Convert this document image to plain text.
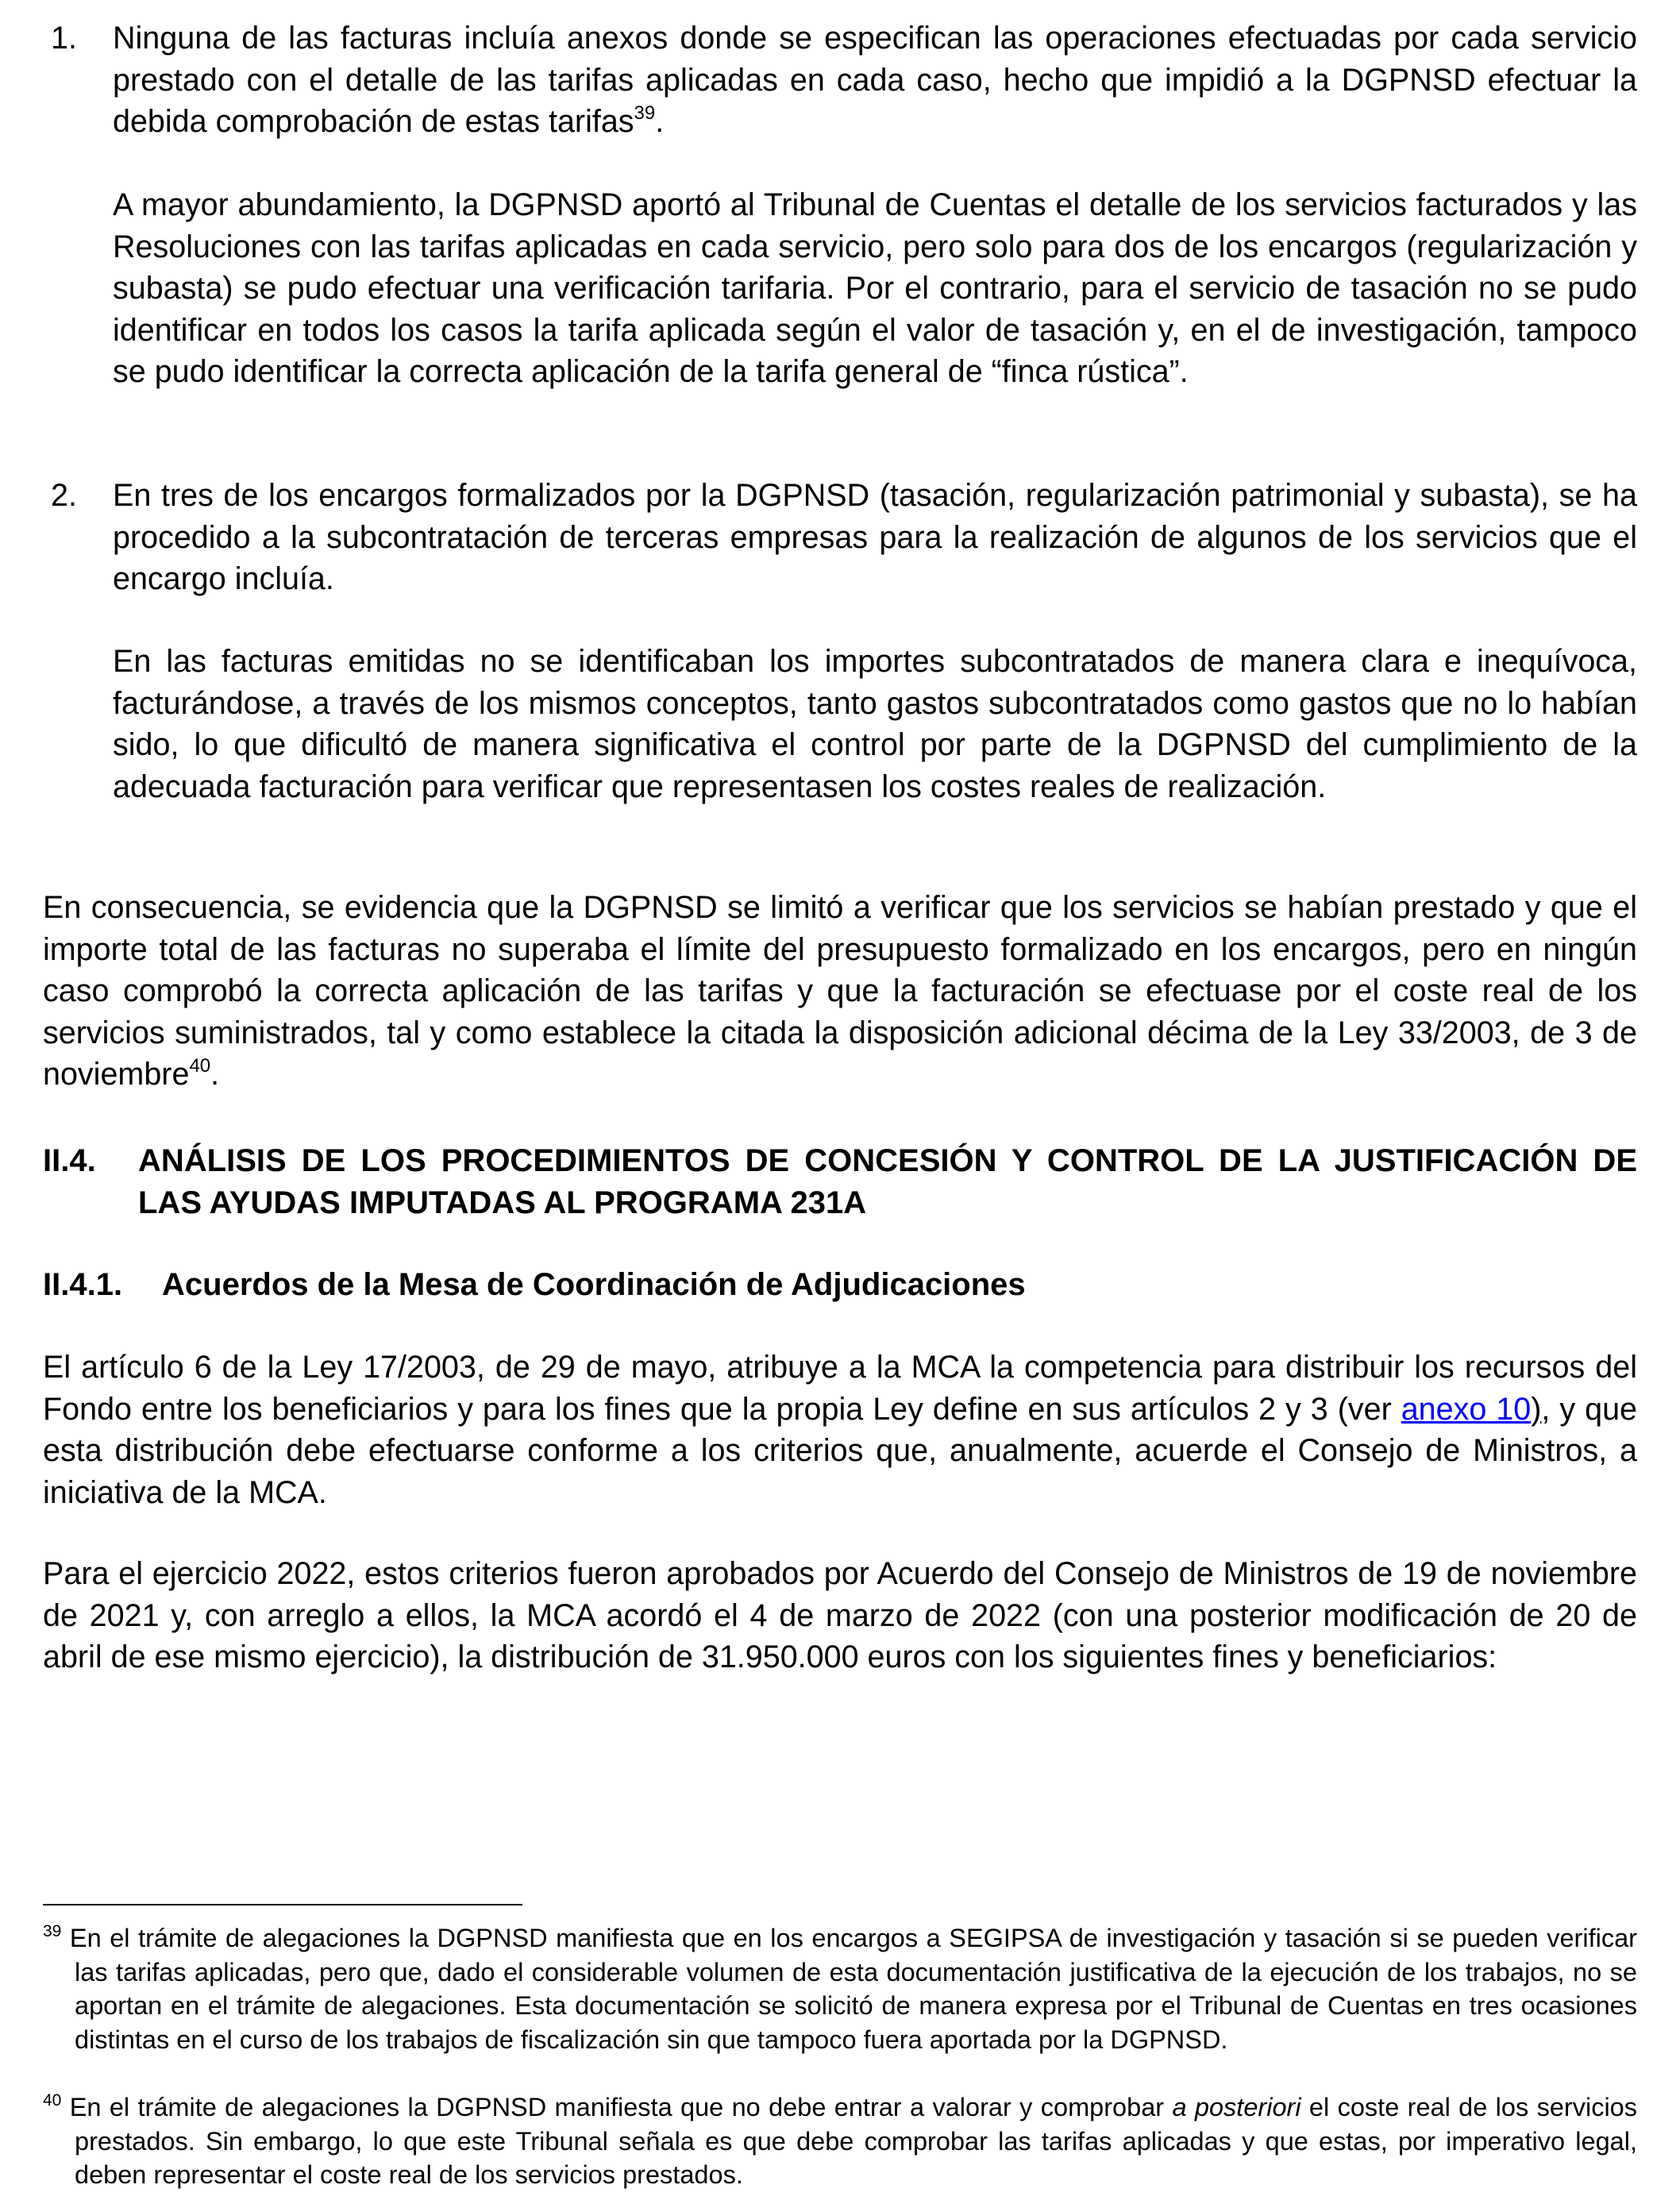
1. Ninguna de las facturas incluía anexos donde se especifican las operaciones efectuadas por cada servicio prestado con el detalle de las tarifas aplicadas en cada caso, hecho que impidió a la DGPNSD efectuar la debida comprobación de estas tarifas$^{39}$.
A mayor abundamiento, la DGPNSD aportó al Tribunal de Cuentas el detalle de los servicios facturados y las Resoluciones con las tarifas aplicadas en cada servicio, pero solo para dos de los encargos (regularización y subasta) se pudo efectuar una verificación tarifaria. Por el contrario, para el servicio de tasación no se pudo identificar en todos los casos la tarifa aplicada según el valor de tasación y, en el de investigación, tampoco se pudo identificar la correcta aplicación de la tarifa general de “finca rústica”.
2. En tres de los encargos formalizados por la DGPNSD (tasación, regularización patrimonial y subasta), se ha procedido a la subcontratación de terceras empresas para la realización de algunos de los servicios que el encargo incluía.
En las facturas emitidas no se identificaban los importes subcontratados de manera clara e inequívoca, facturándose, a través de los mismos conceptos, tanto gastos subcontratados como gastos que no lo habían sido, lo que dificultó de manera significativa el control por parte de la DGPNSD del cumplimiento de la adecuada facturación para verificar que representasen los costes reales de realización.
En consecuencia, se evidencia que la DGPNSD se limitó a verificar que los servicios se habían prestado y que el importe total de las facturas no superaba el límite del presupuesto formalizado en los encargos, pero en ningún caso comprobó la correcta aplicación de las tarifas y que la facturación se efectuase por el coste real de los servicios suministrados, tal y como establece la citada la disposición adicional décima de la Ley 33/2003, de 3 de noviembre$^{40}$.
II.4. ANÁLISIS DE LOS PROCEDIMIENTOS DE CONCESIÓN Y CONTROL DE LA JUSTIFICACIÓN DE LAS AYUDAS IMPUTADAS AL PROGRAMA 231A
II.4.1. Acuerdos de la Mesa de Coordinación de Adjudicaciones
El artículo 6 de la Ley 17/2003, de 29 de mayo, atribuye a la MCA la competencia para distribuir los recursos del Fondo entre los beneficiarios y para los fines que la propia Ley define en sus artículos 2 y 3 (ver anexo 10), y que esta distribución debe efectuarse conforme a los criterios que, anualmente, acuerde el Consejo de Ministros, a iniciativa de la MCA.
Para el ejercicio 2022, estos criterios fueron aprobados por Acuerdo del Consejo de Ministros de 19 de noviembre de 2021 y, con arreglo a ellos, la MCA acordó el 4 de marzo de 2022 (con una posterior modificación de 20 de abril de ese mismo ejercicio), la distribución de 31.950.000 euros con los siguientes fines y beneficiarios:
$^{39}$ En el trámite de alegaciones la DGPNSD manifiesta que en los encargos a SEGIPSA de investigación y tasación si se pueden verificar las tarifas aplicadas, pero que, dado el considerable volumen de esta documentación justificativa de la ejecución de los trabajos, no se aportan en el trámite de alegaciones. Esta documentación se solicitó de manera expresa por el Tribunal de Cuentas en tres ocasiones distintas en el curso de los trabajos de fiscalización sin que tampoco fuera aportada por la DGPNSD.
$^{40}$ En el trámite de alegaciones la DGPNSD manifiesta que no debe entrar a valorar y comprobar a posteriori el coste real de los servicios prestados. Sin embargo, lo que este Tribunal señala es que debe comprobar las tarifas aplicadas y que estas, por imperativo legal, deben representar el coste real de los servicios prestados.
